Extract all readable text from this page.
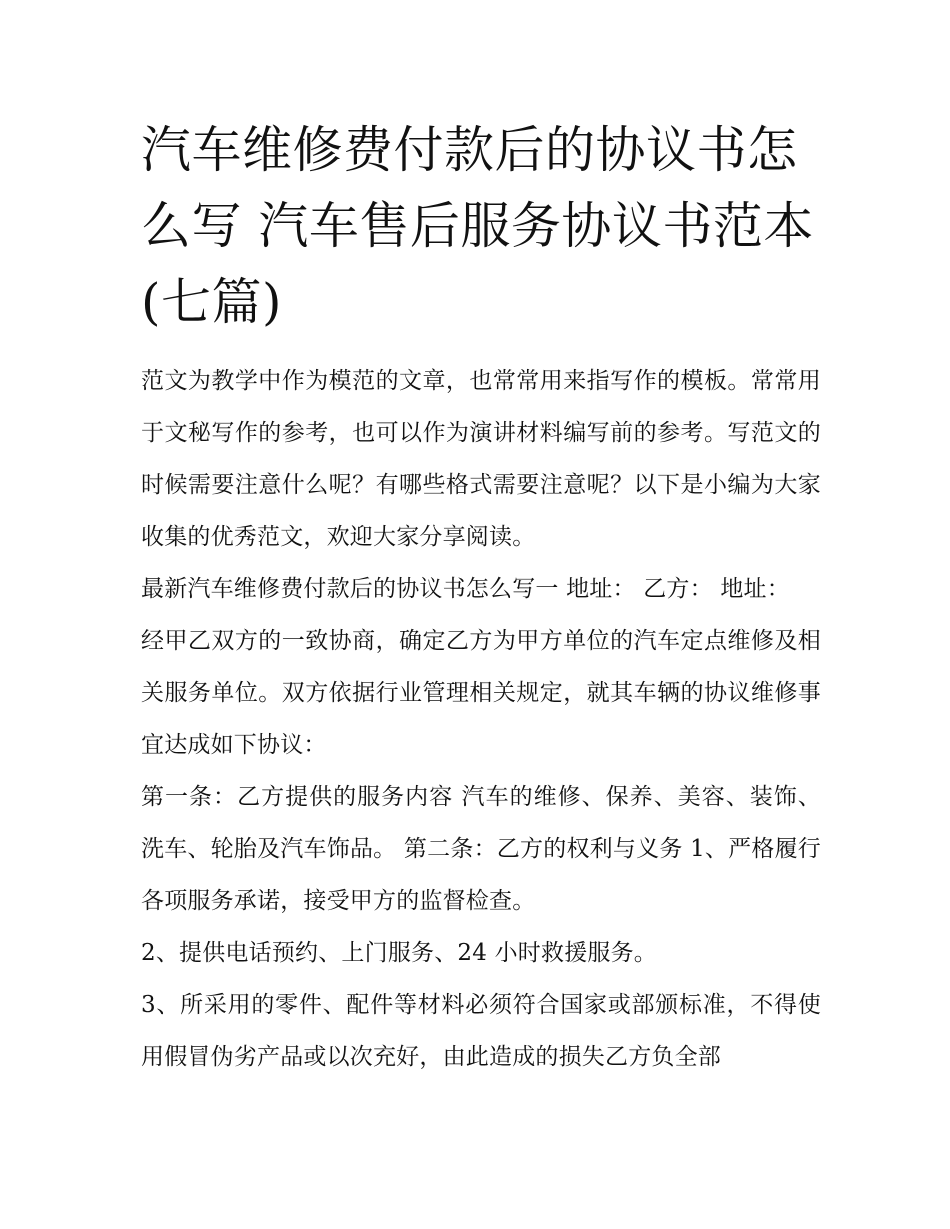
汽车维修费付款后的协议书怎么写 汽车售后服务协议书范本(七篇)

范文为教学中作为模范的文章，也常常用来指写作的模板。常常用于文秘写作的参考，也可以作为演讲材料编写前的参考。写范文的时候需要注意什么呢？有哪些格式需要注意呢？以下是小编为大家收集的优秀范文，欢迎大家分享阅读。

最新汽车维修费付款后的协议书怎么写一 地址： 乙方： 地址：

经甲乙双方的一致协商，确定乙方为甲方单位的汽车定点维修及相关服务单位。双方依据行业管理相关规定，就其车辆的协议维修事宜达成如下协议：

第一条：乙方提供的服务内容 汽车的维修、保养、美容、装饰、洗车、轮胎及汽车饰品。 第二条：乙方的权利与义务 1、严格履行各项服务承诺，接受甲方的监督检查。

2、提供电话预约、上门服务、24 小时救援服务。

3、所采用的零件、配件等材料必须符合国家或部颁标准，不得使用假冒伪劣产品或以次充好，由此造成的损失乙方负全部
